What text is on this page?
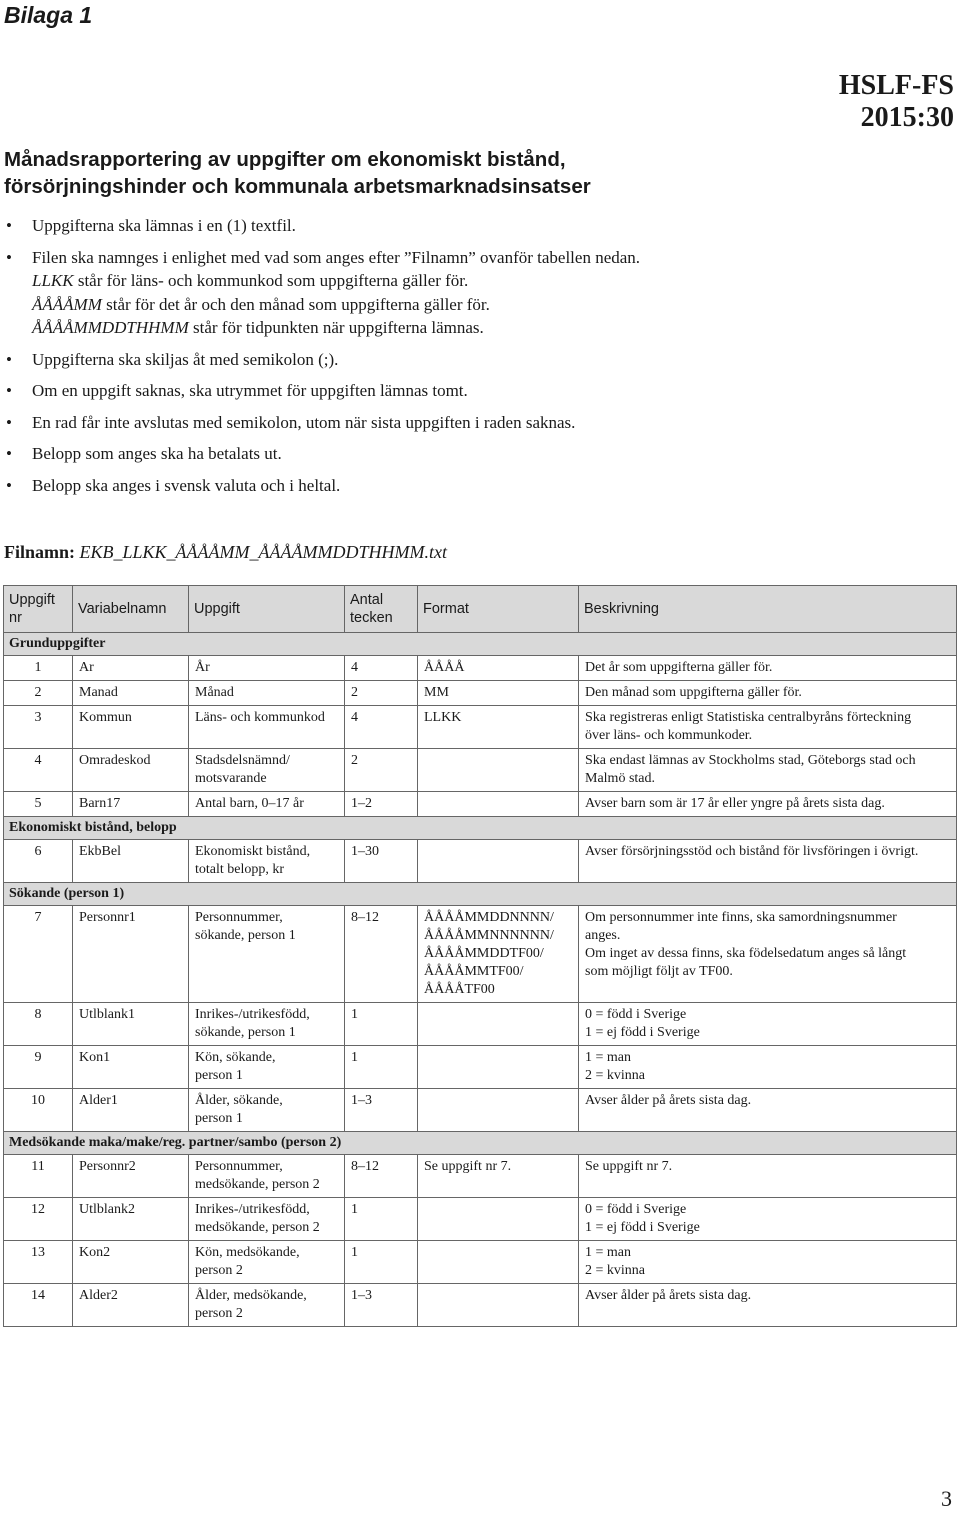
Bilaga 1
HSLF-FS
2015:30
Månadsrapportering av uppgifter om ekonomiskt bistånd,
försörjningshinder och kommunala arbetsmarknadsinsatser
• Uppgifterna ska lämnas i en (1) textfil.
• Filen ska namnges i enlighet med vad som anges efter ”Filnamn” ovanför tabellen nedan.
LLKK står för läns- och kommunkod som uppgifterna gäller för.
ÅÅÅÅMM står för det år och den månad som uppgifterna gäller för.
ÅÅÅÅMMDDTHHMM står för tidpunkten när uppgifterna lämnas.
• Uppgifterna ska skiljas åt med semikolon (;).
• Om en uppgift saknas, ska utrymmet för uppgiften lämnas tomt.
• En rad får inte avslutas med semikolon, utom när sista uppgiften i raden saknas.
• Belopp som anges ska ha betalats ut.
• Belopp ska anges i svensk valuta och i heltal.
Filnamn: EKB_LLKK_ÅÅÅÅMM_ÅÅÅÅMMDDTHHMM.txt
Uppgift
nr	Variabelnamn	Uppgift	Antal
tecken	Format	Beskrivning
Grunduppgifter					
1	Ar	År	4	ÅÅÅÅ	Det år som uppgifterna gäller för.
2	Manad	Månad	2	MM	Den månad som uppgifterna gäller för.
3	Kommun	Läns- och kommunkod	4	LLKK	Ska registreras enligt Statistiska centralbyråns förteckning
över läns- och kommunkoder.
4	Omradeskod	Stadsdelsnämnd/
motsvarande	2		Ska endast lämnas av Stockholms stad, Göteborgs stad och
Malmö stad.
5	Barn17	Antal barn, 0–17 år	1–2		Avser barn som är 17 år eller yngre på årets sista dag.
Ekonomiskt bistånd, belopp					
6	EkbBel	Ekonomiskt bistånd,
totalt belopp, kr	1–30		Avser försörjningsstöd och bistånd för livsföringen i övrigt.
Sökande (person 1)					
7	Personnr1	Personnummer,
sökande, person 1	8–12	ÅÅÅÅMMDDNNNN/
ÅÅÅÅMMNNNNNN/
ÅÅÅÅMMDDTF00/
ÅÅÅÅMMTF00/
ÅÅÅÅTF00	Om personnummer inte finns, ska samordningsnummer
anges.
Om inget av dessa finns, ska födelsedatum anges så långt
som möjligt följt av TF00.
8	Utlblank1	Inrikes-/utrikesfödd,
sökande, person 1	1		0 = född i Sverige
1 = ej född i Sverige
9	Kon1	Kön, sökande,
person 1	1		1 = man
2 = kvinna
10	Alder1	Ålder, sökande,
person 1	1–3		Avser ålder på årets sista dag.
Medsökande maka/make/reg. partner/sambo (person 2)					
11	Personnr2	Personnummer,
medsökande, person 2	8–12	Se uppgift nr 7.	Se uppgift nr 7.
12	Utlblank2	Inrikes-/utrikesfödd,
medsökande, person 2	1		0 = född i Sverige
1 = ej född i Sverige
13	Kon2	Kön, medsökande,
person 2	1		1 = man
2 = kvinna
14	Alder2	Ålder, medsökande,
person 2	1–3		Avser ålder på årets sista dag.
3
